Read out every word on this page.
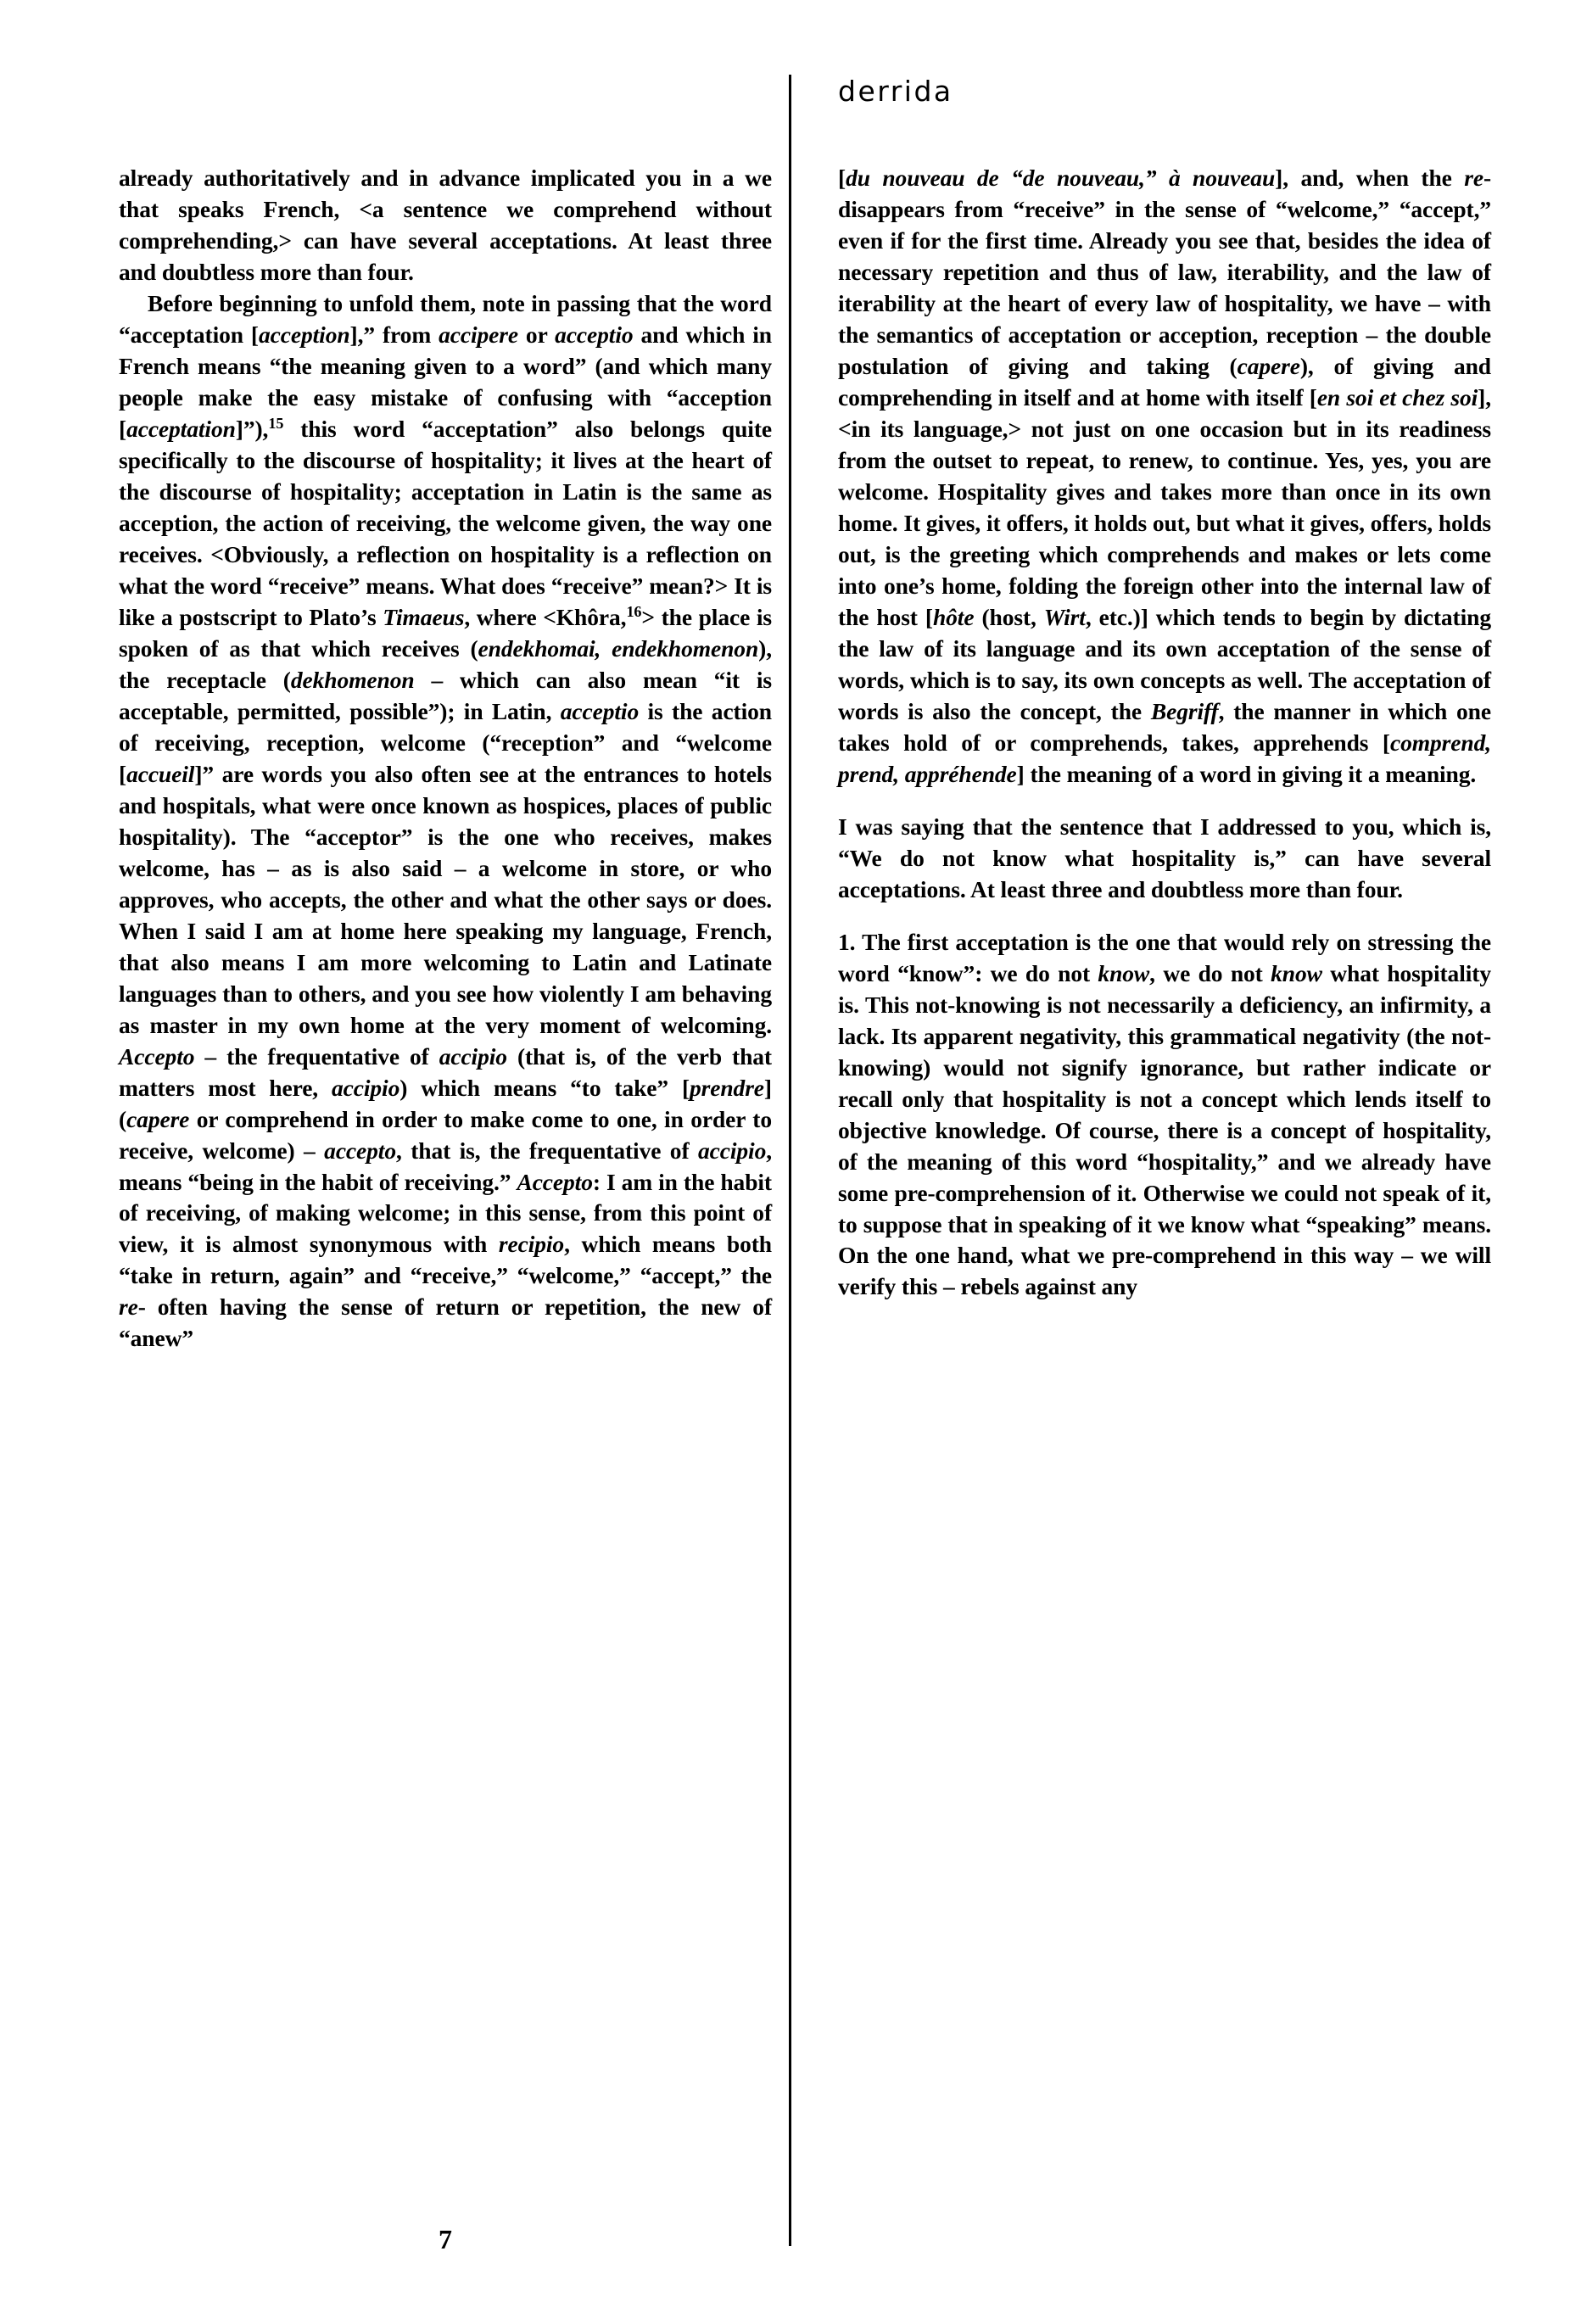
derrida

already authoritatively and in advance implicated you in a we that speaks French, <a sentence we comprehend without comprehending,> can have several acceptations. At least three and doubtless more than four.

Before beginning to unfold them, note in passing that the word “acceptation [acception],” from accipere or acceptio and which in French means “the meaning given to a word” (and which many people make the easy mistake of confusing with “acception [acceptation]”),$^{15}$ this word “acceptation” also belongs quite specifically to the discourse of hospitality; it lives at the heart of the discourse of hospitality; acceptation in Latin is the same as acception, the action of receiving, the welcome given, the way one receives. <Obviously, a reflection on hospitality is a reflection on what the word “receive” means. What does “receive” mean?> It is like a postscript to Plato’s Timaeus, where <Khôra,$^{16}$> the place is spoken of as that which receives (endekhomai, endekhomenon), the receptacle (dekhomenon – which can also mean “it is acceptable, permitted, possible”); in Latin, acceptio is the action of receiving, reception, welcome (“reception” and “welcome [accueil]” are words you also often see at the entrances to hotels and hospitals, what were once known as hospices, places of public hospitality). The “acceptor” is the one who receives, makes welcome, has – as is also said – a welcome in store, or who approves, who accepts, the other and what the other says or does. When I said I am at home here speaking my language, French, that also means I am more welcoming to Latin and Latinate languages than to others, and you see how violently I am behaving as master in my own home at the very moment of welcoming. Accepto – the frequentative of accipio (that is, of the verb that matters most here, accipio) which means “to take” [prendre] (capere or comprehend in order to make come to one, in order to receive, welcome) – accepto, that is, the frequentative of accipio, means “being in the habit of receiving.” Accepto: I am in the habit of receiving, of making welcome; in this sense, from this point of view, it is almost synonymous with recipio, which means both “take in return, again” and “receive,” “welcome,” “accept,” the re- often having the sense of return or repetition, the new of “anew”

[du nouveau de “de nouveau,” à nouveau], and, when the re- disappears from “receive” in the sense of “welcome,” “accept,” even if for the first time. Already you see that, besides the idea of necessary repetition and thus of law, iterability, and the law of iterability at the heart of every law of hospitality, we have – with the semantics of acceptation or acception, reception – the double postulation of giving and taking (capere), of giving and comprehending in itself and at home with itself [en soi et chez soi], <in its language,> not just on one occasion but in its readiness from the outset to repeat, to renew, to continue. Yes, yes, you are welcome. Hospitality gives and takes more than once in its own home. It gives, it offers, it holds out, but what it gives, offers, holds out, is the greeting which comprehends and makes or lets come into one’s home, folding the foreign other into the internal law of the host [hôte (host, Wirt, etc.)] which tends to begin by dictating the law of its language and its own acceptation of the sense of words, which is to say, its own concepts as well. The acceptation of words is also the concept, the Begriff, the manner in which one takes hold of or comprehends, takes, apprehends [comprend, prend, appréhende] the meaning of a word in giving it a meaning.

I was saying that the sentence that I addressed to you, which is, “We do not know what hospitality is,” can have several acceptations. At least three and doubtless more than four.

1. The first acceptation is the one that would rely on stressing the word “know”: we do not know, we do not know what hospitality is. This not-knowing is not necessarily a deficiency, an infirmity, a lack. Its apparent negativity, this grammatical negativity (the not-knowing) would not signify ignorance, but rather indicate or recall only that hospitality is not a concept which lends itself to objective knowledge. Of course, there is a concept of hospitality, of the meaning of this word “hospitality,” and we already have some pre-comprehension of it. Otherwise we could not speak of it, to suppose that in speaking of it we know what “speaking” means. On the one hand, what we pre-comprehend in this way – we will verify this – rebels against any

7
